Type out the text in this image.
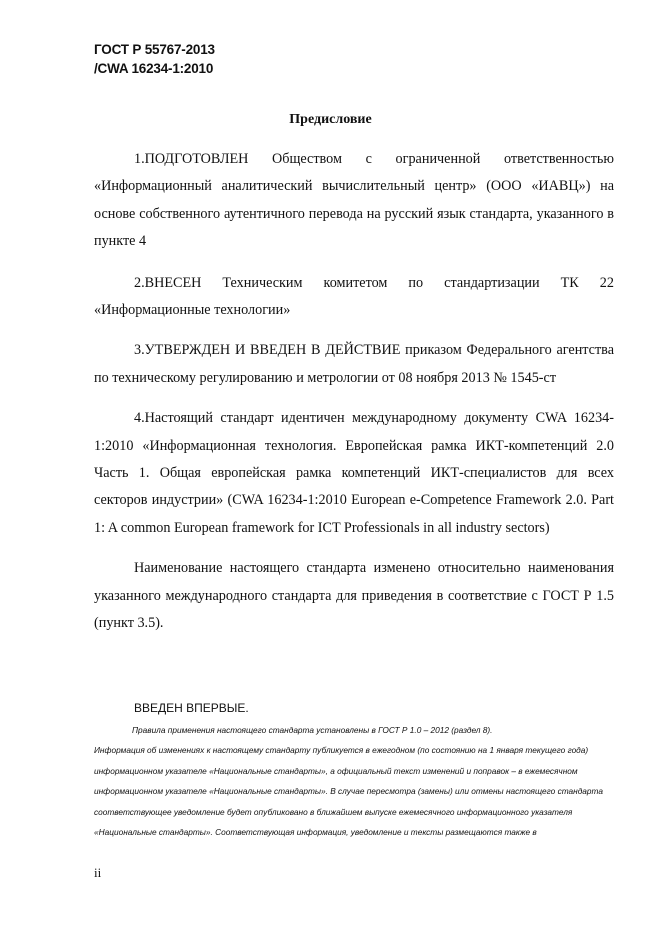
ГОСТ Р 55767-2013
/CWA 16234-1:2010
Предисловие

1.ПОДГОТОВЛЕН Обществом с ограниченной ответственностью «Информационный аналитический вычислительный центр» (ООО «ИАВЦ») на основе собственного аутентичного перевода на русский язык стандарта, указанного в пункте 4

2.ВНЕСЕН Техническим комитетом по стандартизации ТК 22 «Информационные технологии»

3.УТВЕРЖДЕН И ВВЕДЕН В ДЕЙСТВИЕ приказом Федерального агентства по техническому регулированию и метрологии от 08 ноября 2013 № 1545-ст

4.Настоящий стандарт идентичен международному документу CWA 16234-1:2010 «Информационная технология. Европейская рамка ИКТ-компетенций 2.0 Часть 1. Общая европейская рамка компетенций ИКТ-специалистов для всех секторов индустрии» (CWA 16234-1:2010 European e-Competence Framework 2.0. Part 1: A common European framework for ICT Professionals in all industry sectors)

Наименование настоящего стандарта изменено относительно наименования указанного международного стандарта для приведения в соответствие с ГОСТ Р 1.5 (пункт 3.5).

ВВЕДЕН ВПЕРВЫЕ.

Правила применения настоящего стандарта установлены в ГОСТ Р 1.0 – 2012 (раздел 8).

Информация об изменениях к настоящему стандарту публикуется в ежегодном (по состоянию на 1 января текущего года) информационном указателе «Национальные стандарты», а официальный текст изменений и поправок – в ежемесячном информационном указателе «Национальные стандарты». В случае пересмотра (замены) или отмены настоящего стандарта соответствующее уведомление будет опубликовано в ближайшем выпуске ежемесячного информационного указателя «Национальные стандарты». Соответствующая информация, уведомление и тексты размещаются также в

ii
